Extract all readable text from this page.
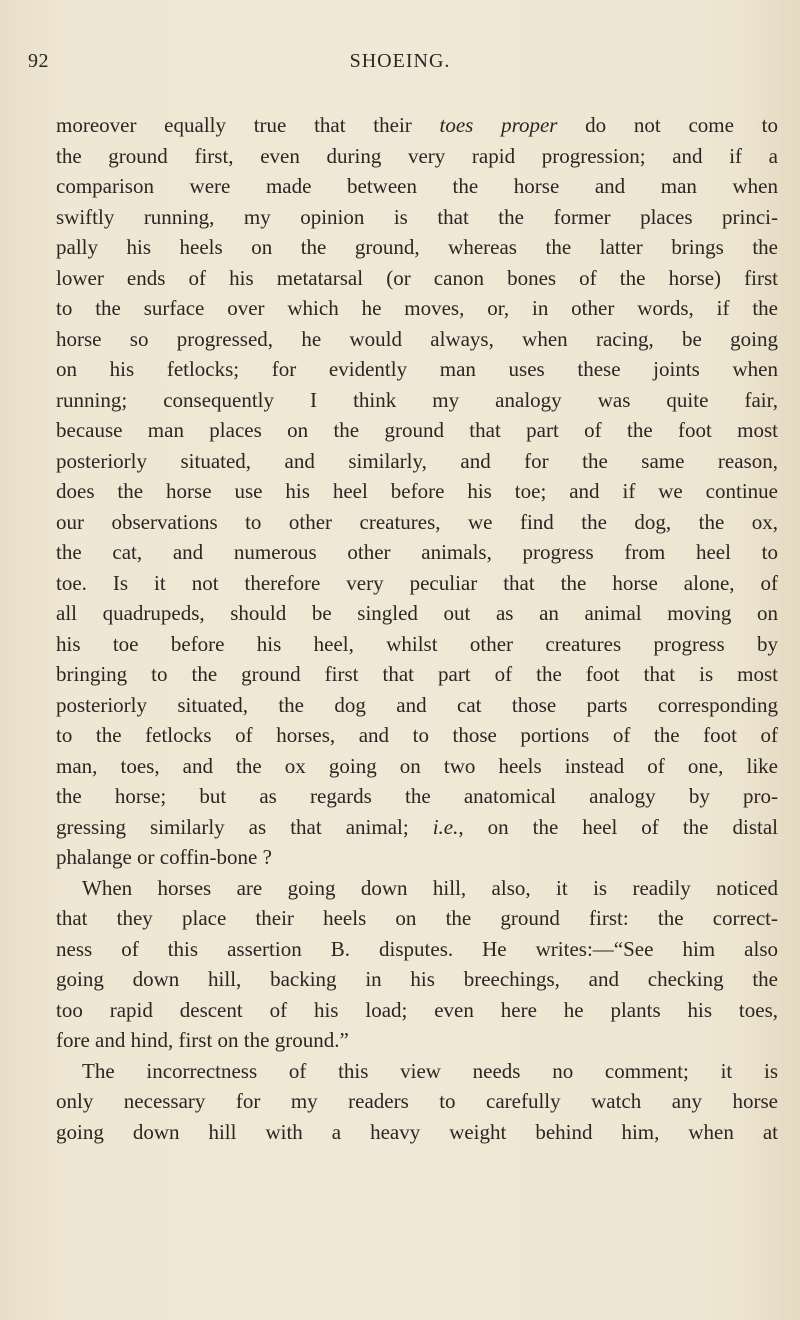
92	SHOEING.
moreover equally true that their toes proper do not come to
the ground first, even during very rapid progression; and if a
comparison were made between the horse and man when
swiftly running, my opinion is that the former places princi-
pally his heels on the ground, whereas the latter brings the
lower ends of his metatarsal (or canon bones of the horse) first
to the surface over which he moves, or, in other words, if the
horse so progressed, he would always, when racing, be going
on his fetlocks; for evidently man uses these joints when
running; consequently I think my analogy was quite fair,
because man places on the ground that part of the foot most
posteriorly situated, and similarly, and for the same reason,
does the horse use his heel before his toe; and if we continue
our observations to other creatures, we find the dog, the ox,
the cat, and numerous other animals, progress from heel to
toe. Is it not therefore very peculiar that the horse alone, of
all quadrupeds, should be singled out as an animal moving on
his toe before his heel, whilst other creatures progress by
bringing to the ground first that part of the foot that is most
posteriorly situated, the dog and cat those parts corresponding
to the fetlocks of horses, and to those portions of the foot of
man, toes, and the ox going on two heels instead of one, like
the horse; but as regards the anatomical analogy by pro-
gressing similarly as that animal; i.e., on the heel of the distal
phalange or coffin-bone ?
When horses are going down hill, also, it is readily noticed
that they place their heels on the ground first: the correct-
ness of this assertion B. disputes. He writes:—“See him also
going down hill, backing in his breechings, and checking the
too rapid descent of his load; even here he plants his toes,
fore and hind, first on the ground.”
The incorrectness of this view needs no comment; it is
only necessary for my readers to carefully watch any horse
going down hill with a heavy weight behind him, when at
